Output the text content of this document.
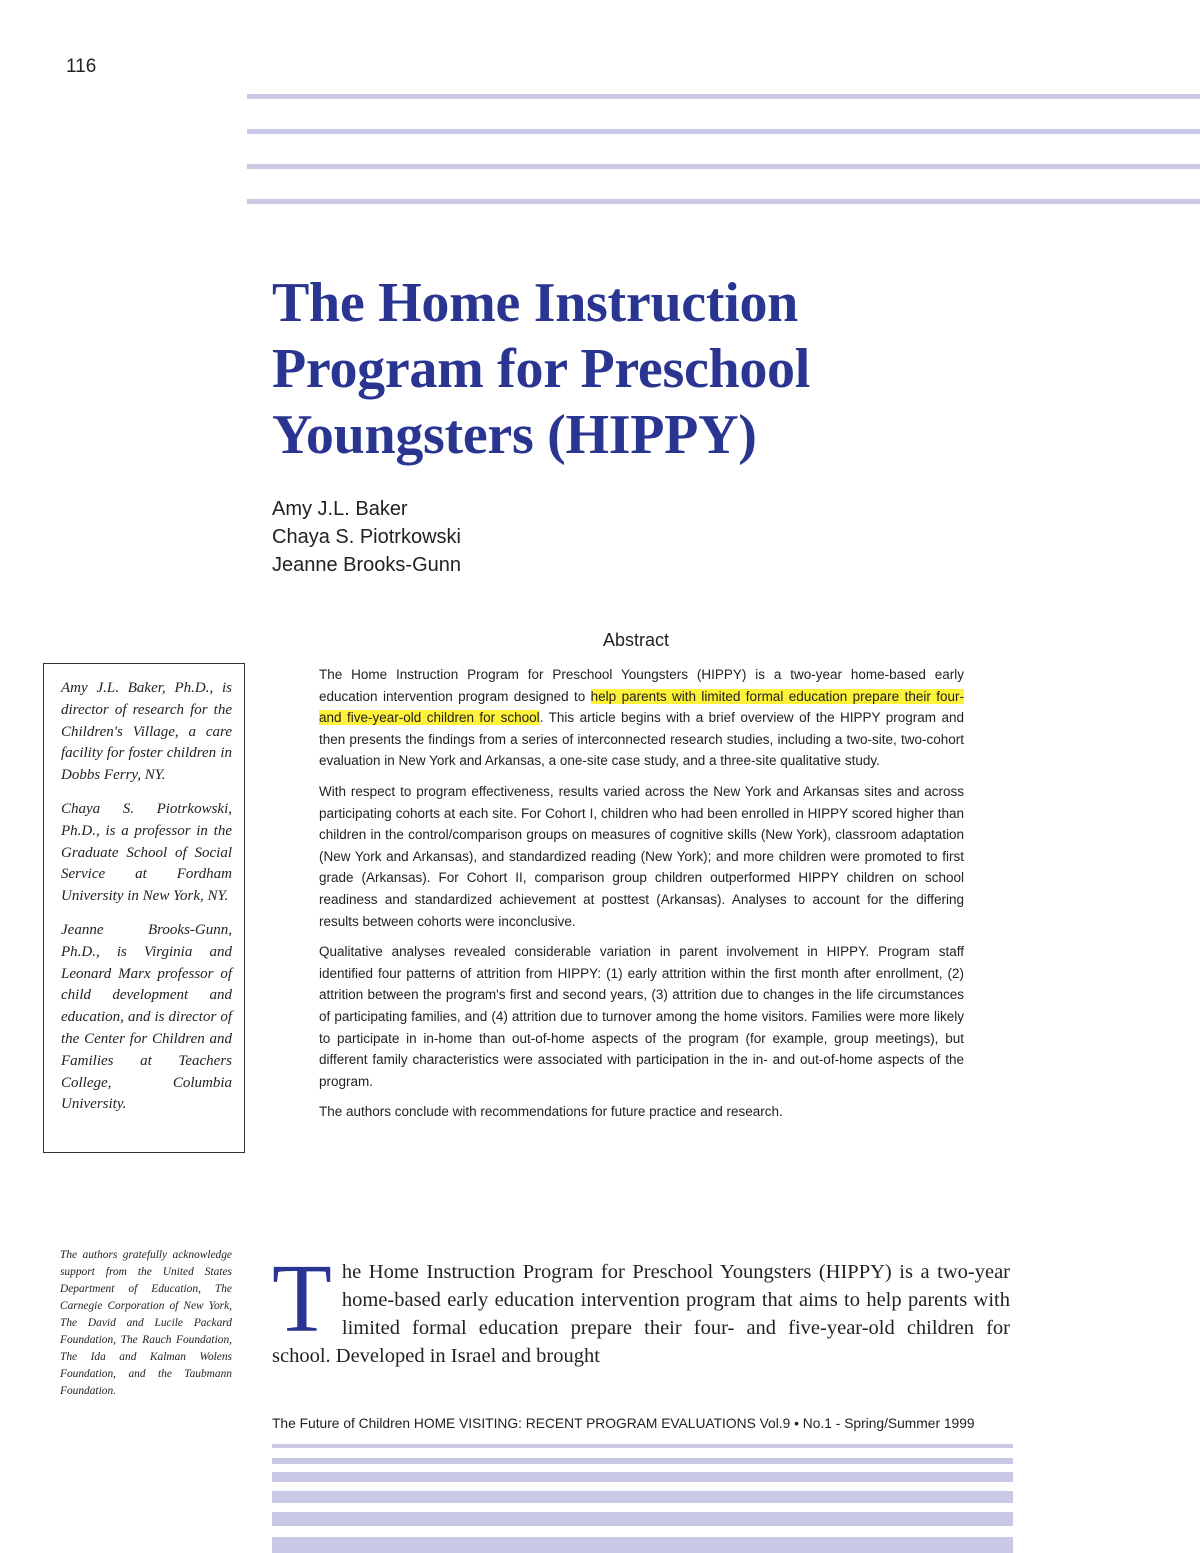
116
The Home Instruction Program for Preschool Youngsters (HIPPY)
Amy J.L. Baker
Chaya S. Piotrkowski
Jeanne Brooks-Gunn
Abstract

The Home Instruction Program for Preschool Youngsters (HIPPY) is a two-year home-based early education intervention program designed to help parents with limited formal education prepare their four- and five-year-old children for school. This article begins with a brief overview of the HIPPY program and then presents the findings from a series of interconnected research studies, including a two-site, two-cohort evaluation in New York and Arkansas, a one-site case study, and a three-site qualitative study.

With respect to program effectiveness, results varied across the New York and Arkansas sites and across participating cohorts at each site. For Cohort I, children who had been enrolled in HIPPY scored higher than children in the control/comparison groups on measures of cognitive skills (New York), classroom adaptation (New York and Arkansas), and standardized reading (New York); and more children were promoted to first grade (Arkansas). For Cohort II, comparison group children outperformed HIPPY children on school readiness and standardized achievement at posttest (Arkansas). Analyses to account for the differing results between cohorts were inconclusive.

Qualitative analyses revealed considerable variation in parent involvement in HIPPY. Program staff identified four patterns of attrition from HIPPY: (1) early attrition within the first month after enrollment, (2) attrition between the program's first and second years, (3) attrition due to changes in the life circumstances of participating families, and (4) attrition due to turnover among the home visitors. Families were more likely to participate in in-home than out-of-home aspects of the program (for example, group meetings), but different family characteristics were associated with participation in the in- and out-of-home aspects of the program.

The authors conclude with recommendations for future practice and research.

Amy J.L. Baker, Ph.D., is director of research for the Children's Village, a care facility for foster children in Dobbs Ferry, NY.

Chaya S. Piotrkowski, Ph.D., is a professor in the Graduate School of Social Service at Fordham University in New York, NY.

Jeanne Brooks-Gunn, Ph.D., is Virginia and Leonard Marx professor of child development and education, and is director of the Center for Children and Families at Teachers College, Columbia University.

The authors gratefully acknowledge support from the United States Department of Education, The Carnegie Corporation of New York, The David and Lucile Packard Foundation, The Rauch Foundation, The Ida and Kalman Wolens Foundation, and the Taubmann Foundation.

The Home Instruction Program for Preschool Youngsters (HIPPY) is a two-year home-based early education intervention program that aims to help parents with limited formal education prepare their four- and five-year-old children for school. Developed in Israel and brought

The Future of Children HOME VISITING: RECENT PROGRAM EVALUATIONS Vol.9 • No.1 - Spring/Summer 1999
